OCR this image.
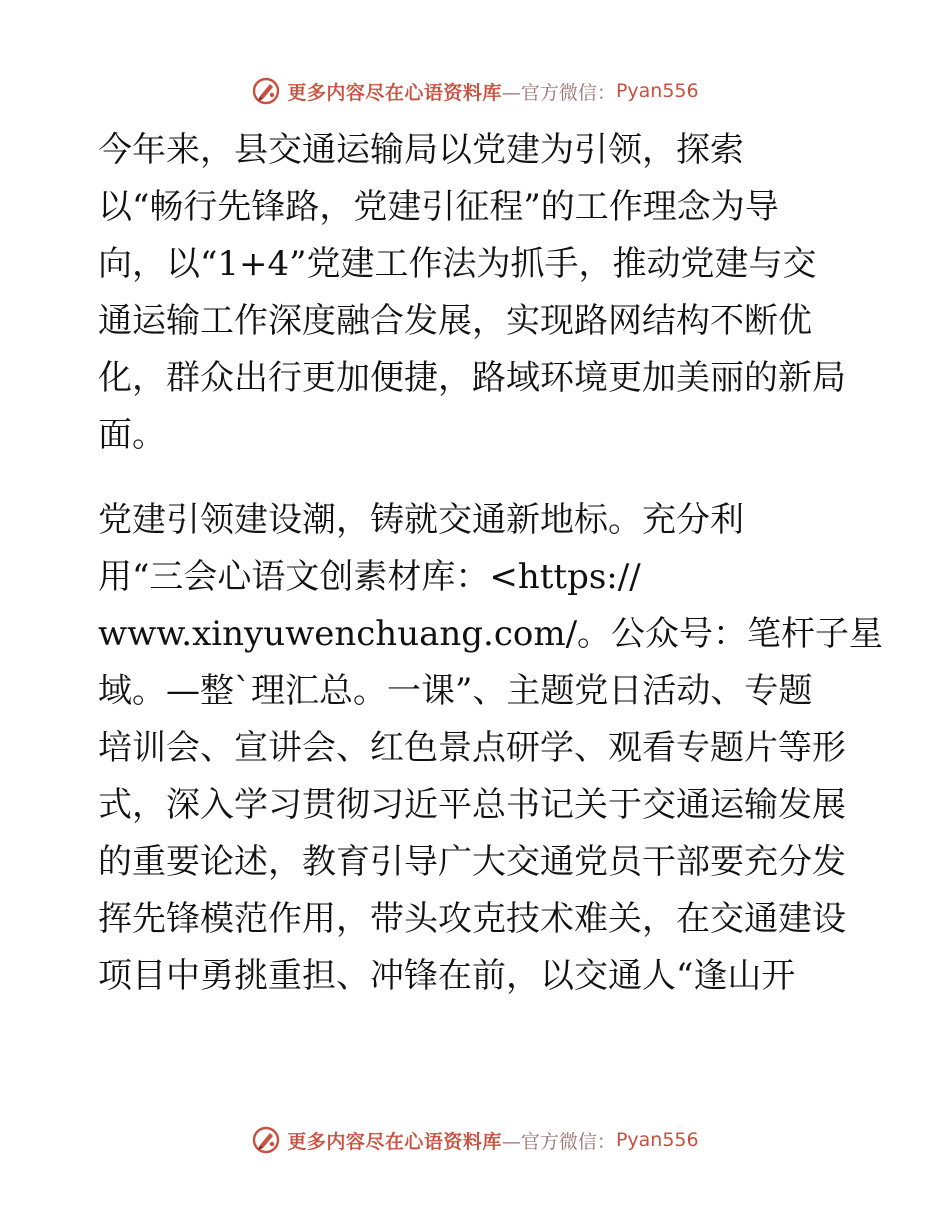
更多内容尽在心语资料库 —官方微信： Pyan556

今年来，县交通运输局以党建为引领，探索
以“畅行先锋路，党建引征程”的工作理念为导
向，以“1+4”党建工作法为抓手，推动党建与交
通运输工作深度融合发展，实现路网结构不断优
化，群众出行更加便捷，路域环境更加美丽的新局
面。

党建引领建设潮，铸就交通新地标。充分利
用“三会心语文创素材库：<https://
www.xinyuwenchuang.com/。公众号：笔杆子星
域。—整`理汇总。一课”、主题党日活动、专题
培训会、宣讲会、红色景点研学、观看专题片等形
式，深入学习贯彻习近平总书记关于交通运输发展
的重要论述，教育引导广大交通党员干部要充分发
挥先锋模范作用，带头攻克技术难关，在交通建设
项目中勇挑重担、冲锋在前，以交通人“逢山开

更多内容尽在心语资料库 —官方微信： Pyan556
